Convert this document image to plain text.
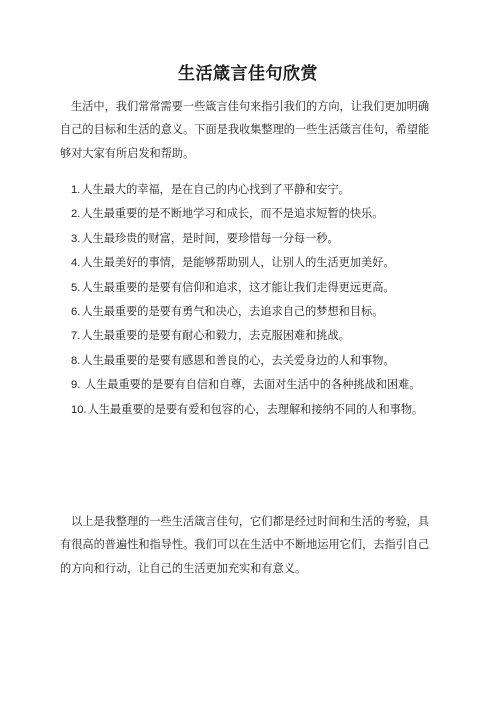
生活箴言佳句欣赏

生活中，我们常常需要一些箴言佳句来指引我们的方向，让我们更加明确自己的目标和生活的意义。下面是我收集整理的一些生活箴言佳句，希望能够对大家有所启发和帮助。

1.人生最大的幸福，是在自己的内心找到了平静和安宁。
2.人生最重要的是不断地学习和成长，而不是追求短暂的快乐。
3.人生最珍贵的财富，是时间，要珍惜每一分每一秒。
4.人生最美好的事情，是能够帮助别人，让别人的生活更加美好。
5.人生最重要的是要有信仰和追求，这才能让我们走得更远更高。
6.人生最重要的是要有勇气和决心，去追求自己的梦想和目标。
7.人生最重要的是要有耐心和毅力，去克服困难和挑战。
8.人生最重要的是要有感恩和善良的心，去关爱身边的人和事物。
9. 人生最重要的是要有自信和自尊，去面对生活中的各种挑战和困难。
10.人生最重要的是要有爱和包容的心，去理解和接纳不同的人和事物。

以上是我整理的一些生活箴言佳句，它们都是经过时间和生活的考验，具有很高的普遍性和指导性。我们可以在生活中不断地运用它们，去指引自己的方向和行动，让自己的生活更加充实和有意义。
